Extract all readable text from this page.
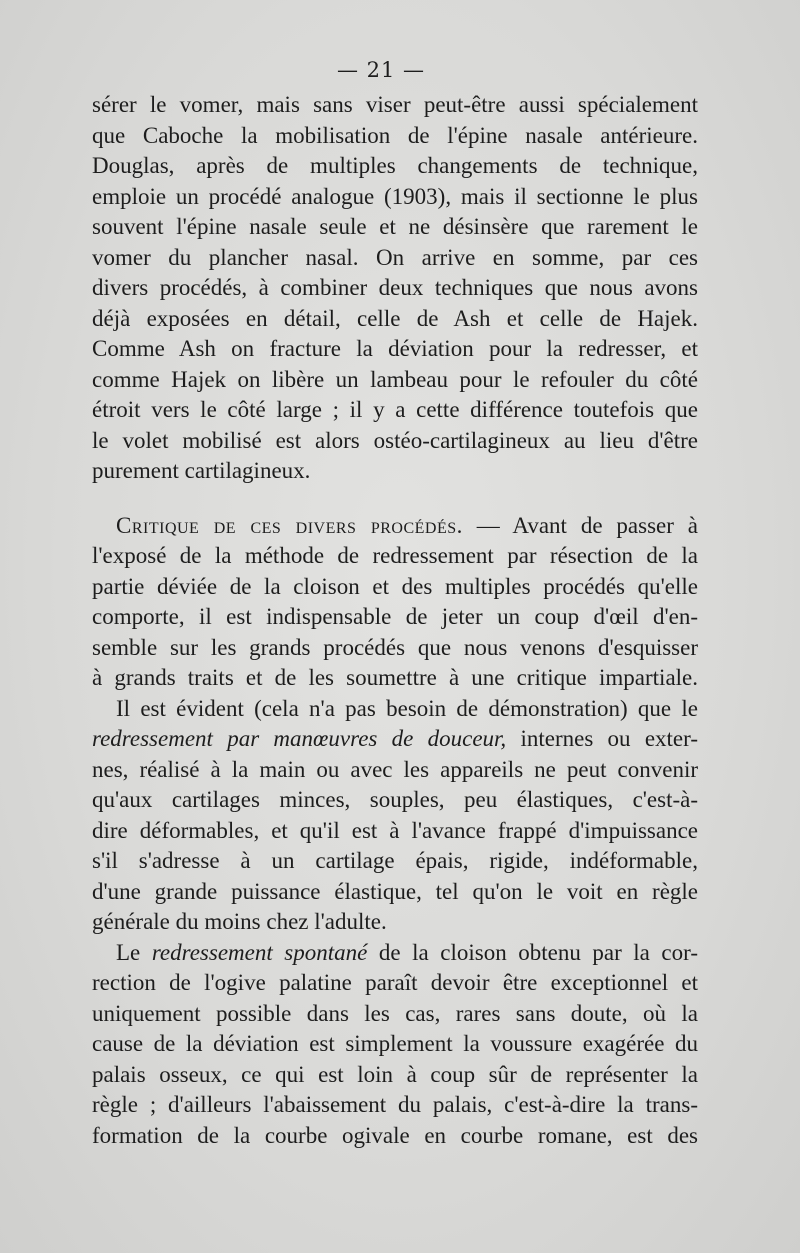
— 21 —
sérer le vomer, mais sans viser peut-être aussi spécialement
que Caboche la mobilisation de l'épine nasale antérieure.
Douglas, après de multiples changements de technique,
emploie un procédé analogue (1903), mais il sectionne le plus
souvent l'épine nasale seule et ne désinsère que rarement le
vomer du plancher nasal. On arrive en somme, par ces
divers procédés, à combiner deux techniques que nous avons
déjà exposées en détail, celle de Ash et celle de Hajek.
Comme Ash on fracture la déviation pour la redresser, et
comme Hajek on libère un lambeau pour le refouler du côté
étroit vers le côté large ; il y a cette différence toutefois que
le volet mobilisé est alors ostéo-cartilagineux au lieu d'être
purement cartilagineux.
Critique de ces divers procédés. — Avant de passer à
l'exposé de la méthode de redressement par résection de la
partie déviée de la cloison et des multiples procédés qu'elle
comporte, il est indispensable de jeter un coup d'œil d'en-
semble sur les grands procédés que nous venons d'esquisser
à grands traits et de les soumettre à une critique impartiale.
Il est évident (cela n'a pas besoin de démonstration) que le
redressement par manœuvres de douceur, internes ou exter-
nes, réalisé à la main ou avec les appareils ne peut convenir
qu'aux cartilages minces, souples, peu élastiques, c'est-à-
dire déformables, et qu'il est à l'avance frappé d'impuissance
s'il s'adresse à un cartilage épais, rigide, indéformable,
d'une grande puissance élastique, tel qu'on le voit en règle
générale du moins chez l'adulte.
Le redressement spontané de la cloison obtenu par la cor-
rection de l'ogive palatine paraît devoir être exceptionnel et
uniquement possible dans les cas, rares sans doute, où la
cause de la déviation est simplement la voussure exagérée du
palais osseux, ce qui est loin à coup sûr de représenter la
règle ; d'ailleurs l'abaissement du palais, c'est-à-dire la trans-
formation de la courbe ogivale en courbe romane, est des
